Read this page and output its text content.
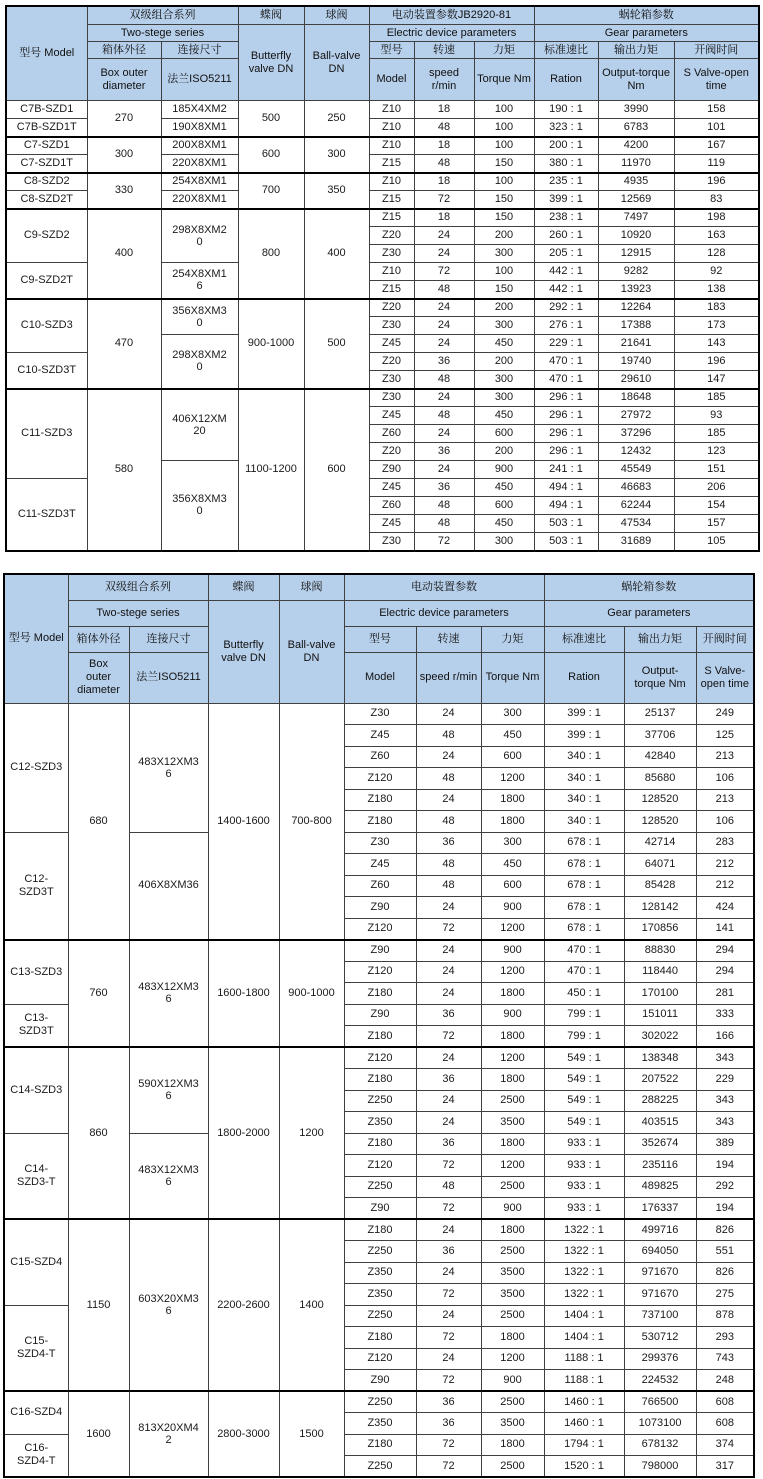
型号 Model	双级组合系列		蝶阀	球阀	电动装置参数JB2920-81			蜗轮箱参数		
	Two-stege series		Butterfly valve DN	Ball-valve DN	Electric device parameters			Gear parameters		
	箱体外径	连接尺寸			型号	转速	力矩	标准速比	输出力矩	开阀时间
	Box outer diameter	法兰ISO5211			Model	speed r/min	Torque Nm	Ration	Output-torque Nm	S Valve-open time
C7B-SZD1	270	185X4XM2	500	250	Z10	18	100	190 : 1	3990	158
C7B-SZD1T		190X8XM1			Z10	48	100	323 : 1	6783	101
C7-SZD1	300	200X8XM1	600	300	Z10	18	100	200 : 1	4200	167
C7-SZD1T		220X8XM1			Z15	48	150	380 : 1	11970	119
C8-SZD2	330	254X8XM1	700	350	Z10	18	100	235 : 1	4935	196
C8-SZD2T		220X8XM1			Z15	72	150	399 : 1	12569	83
C9-SZD2	400	298X8XM20	800	400	Z15	18	150	238 : 1	7497	198
					Z20	24	200	260 : 1	10920	163
					Z30	24	300	205 : 1	12915	128
C9-SZD2T		254X8XM16			Z10	72	100	442 : 1	9282	92
					Z15	48	150	442 : 1	13923	138
C10-SZD3	470	356X8XM30	900-1000	500	Z20	24	200	292 : 1	12264	183
					Z30	24	300	276 : 1	17388	173
		298X8XM20			Z45	24	450	229 : 1	21641	143
C10-SZD3T					Z20	36	200	470 : 1	19740	196
					Z30	48	300	470 : 1	29610	147
C11-SZD3	580	406X12XM20	1100-1200	600	Z30	24	300	296 : 1	18648	185
					Z45	48	450	296 : 1	27972	93
					Z60	24	600	296 : 1	37296	185
					Z20	36	200	296 : 1	12432	123
		356X8XM30			Z90	24	900	241 : 1	45549	151
C11-SZD3T					Z45	36	450	494 : 1	46683	206
					Z60	48	600	494 : 1	62244	154
					Z45	48	450	503 : 1	47534	157
					Z30	72	300	503 : 1	31689	105
型号 Model	双级组合系列		蝶阀	球阀	电动装置参数			蜗轮箱参数		
	Two-stege series		Butterfly valve DN	Ball-valve DN	Electric device parameters			Gear parameters		
	箱体外径	连接尺寸			型号	转速	力矩	标准速比	输出力矩	开阀时间
	Box outer diameter	法兰ISO5211			Model	speed r/min	Torque Nm	Ration	Output-torque Nm	S Valve-open time
C12-SZD3	680	483X12XM36	1400-1600	700-800	Z30	24	300	399 : 1	25137	249
					Z45	48	450	399 : 1	37706	125
					Z60	24	600	340 : 1	42840	213
					Z120	48	1200	340 : 1	85680	106
					Z180	24	1800	340 : 1	128520	213
					Z180	48	1800	340 : 1	128520	106
C12-SZD3T		406X8XM36			Z30	36	300	678 : 1	42714	283
					Z45	48	450	678 : 1	64071	212
					Z60	48	600	678 : 1	85428	212
					Z90	24	900	678 : 1	128142	424
					Z120	72	1200	678 : 1	170856	141
C13-SZD3	760	483X12XM36	1600-1800	900-1000	Z90	24	900	470 : 1	88830	294
					Z120	24	1200	470 : 1	118440	294
					Z180	24	1800	450 : 1	170100	281
C13-SZD3T					Z90	36	900	799 : 1	151011	333
					Z180	72	1800	799 : 1	302022	166
C14-SZD3	860	590X12XM36	1800-2000	1200	Z120	24	1200	549 : 1	138348	343
					Z180	36	1800	549 : 1	207522	229
					Z250	24	2500	549 : 1	288225	343
					Z350	24	3500	549 : 1	403515	343
C14-SZD3-T		483X12XM36			Z180	36	1800	933 : 1	352674	389
					Z120	72	1200	933 : 1	235116	194
					Z250	48	2500	933 : 1	489825	292
					Z90	72	900	933 : 1	176337	194
C15-SZD4	1150	603X20XM36	2200-2600	1400	Z180	24	1800	1322 : 1	499716	826
					Z250	36	2500	1322 : 1	694050	551
					Z350	24	3500	1322 : 1	971670	826
					Z350	72	3500	1322 : 1	971670	275
C15-SZD4-T					Z250	24	2500	1404 : 1	737100	878
					Z180	72	1800	1404 : 1	530712	293
					Z120	24	1200	1188 : 1	299376	743
					Z90	72	900	1188 : 1	224532	248
C16-SZD4	1600	813X20XM42	2800-3000	1500	Z250	36	2500	1460 : 1	766500	608
					Z350	36	3500	1460 : 1	1073100	608
C16-SZD4-T					Z180	72	1800	1794 : 1	678132	374
					Z250	72	2500	1520 : 1	798000	317
